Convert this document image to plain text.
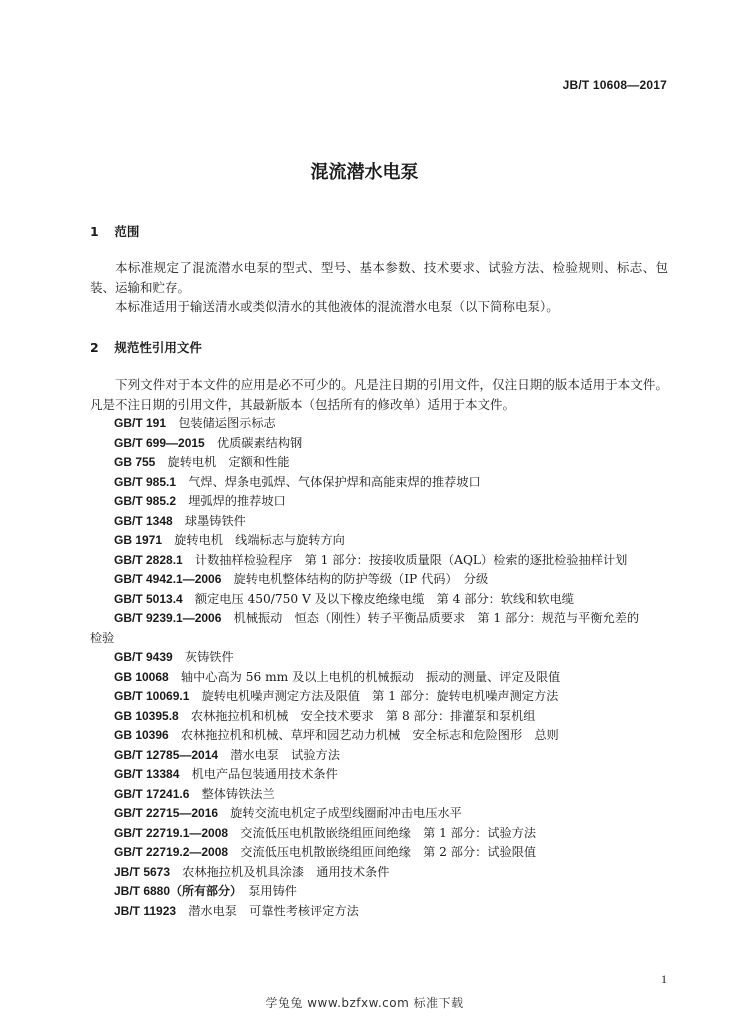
JB/T 10608—2017
混流潜水电泵
1 范围
本标准规定了混流潜水电泵的型式、型号、基本参数、技术要求、试验方法、检验规则、标志、包装、运输和贮存。
本标准适用于输送清水或类似清水的其他液体的混流潜水电泵（以下简称电泵）。
2 规范性引用文件
下列文件对于本文件的应用是必不可少的。凡是注日期的引用文件，仅注日期的版本适用于本文件。凡是不注日期的引用文件，其最新版本（包括所有的修改单）适用于本文件。
GB/T 191　 包装储运图示标志
GB/T 699—2015　 优质碳素结构钢
GB 755　 旋转电机　定额和性能
GB/T 985.1　 气焊、焊条电弧焊、气体保护焊和高能束焊的推荐坡口
GB/T 985.2　 埋弧焊的推荐坡口
GB/T 1348　 球墨铸铁件
GB 1971　 旋转电机　线端标志与旋转方向
GB/T 2828.1　 计数抽样检验程序　第 1 部分：按接收质量限（AQL）检索的逐批检验抽样计划
GB/T 4942.1—2006　 旋转电机整体结构的防护等级（IP 代码）　分级
GB/T 5013.4　 额定电压 450/750 V 及以下橡皮绝缘电缆　第 4 部分：软线和软电缆
GB/T 9239.1—2006　 机械振动　恒态（刚性）转子平衡品质要求　第 1 部分：规范与平衡允差的
检验
GB/T 9439　 灰铸铁件
GB 10068　 轴中心高为 56 mm 及以上电机的机械振动　振动的测量、评定及限值
GB/T 10069.1　 旋转电机噪声测定方法及限值　第 1 部分：旋转电机噪声测定方法
GB 10395.8　 农林拖拉机和机械　安全技术要求　第 8 部分：排灌泵和泵机组
GB 10396　 农林拖拉机和机械、草坪和园艺动力机械　安全标志和危险图形　总则
GB/T 12785—2014　 潜水电泵　试验方法
GB/T 13384　 机电产品包装通用技术条件
GB/T 17241.6　 整体铸铁法兰
GB/T 22715—2016　 旋转交流电机定子成型线圈耐冲击电压水平
GB/T 22719.1—2008　 交流低压电机散嵌绕组匝间绝缘　第 1 部分：试验方法
GB/T 22719.2—2008　 交流低压电机散嵌绕组匝间绝缘　第 2 部分：试验限值
JB/T 5673　 农林拖拉机及机具涂漆　通用技术条件
JB/T 6880（所有部分）　 泵用铸件
JB/T 11923　 潜水电泵　可靠性考核评定方法
1
学兔兔 www.bzfxw.com 标准下载
